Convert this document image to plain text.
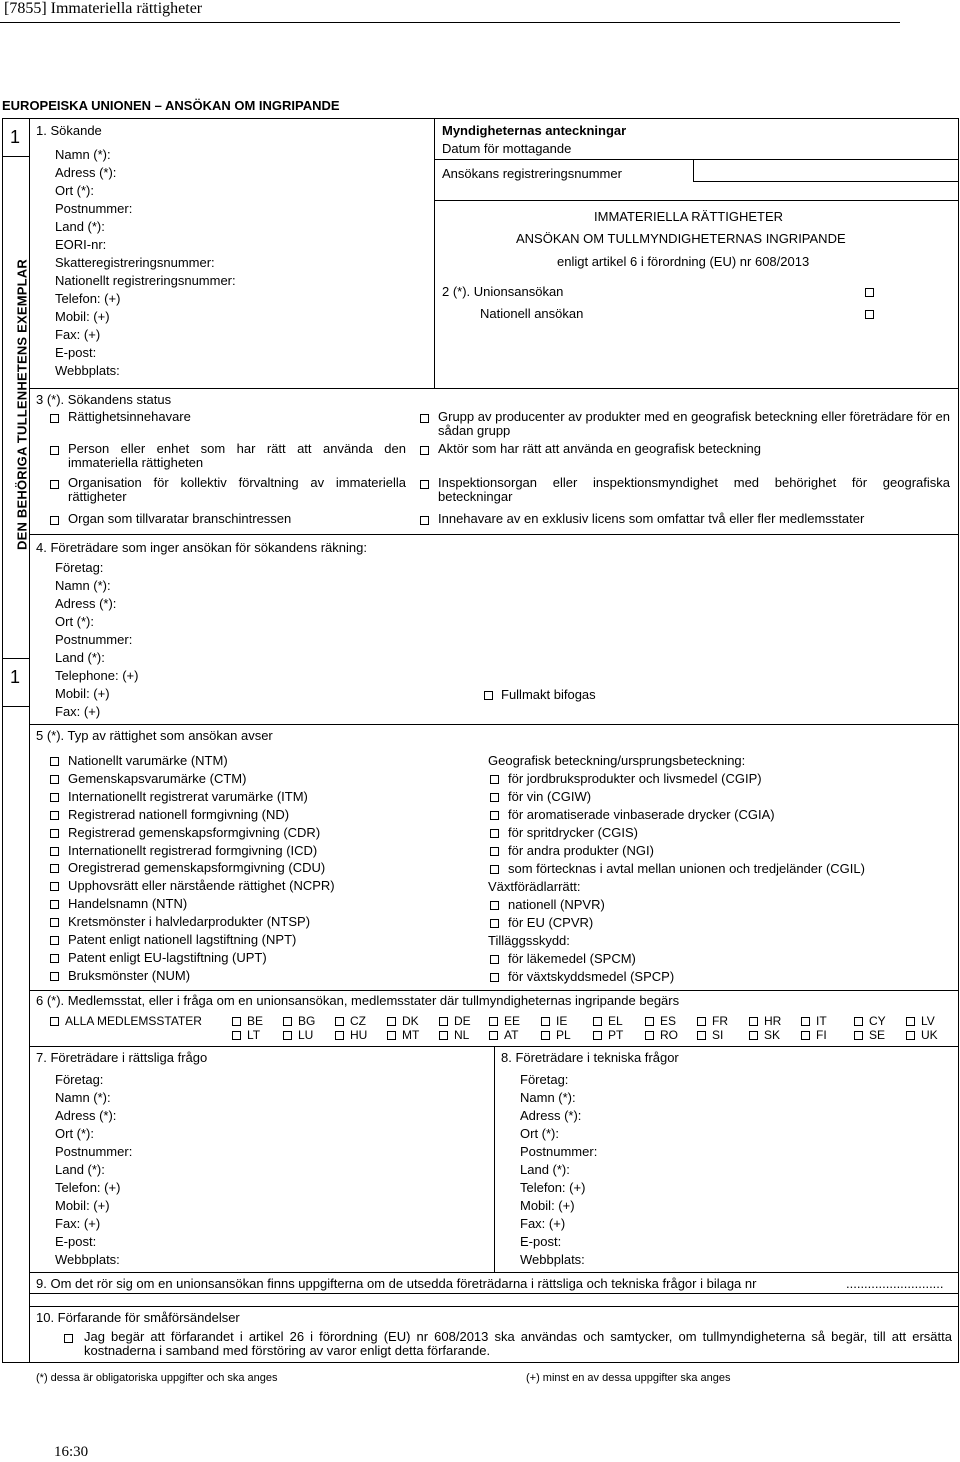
[7855] Immateriella rättigheter
EUROPEISKA UNIONEN – ANSÖKAN OM INGRIPANDE
1
1
DEN BEHÖRIGA TULLENHETENS EXEMPLAR
1. Sökande
Namn (*):
Adress (*):
Ort (*):
Postnummer:
Land (*):
EORI-nr:
Skatteregistreringsnummer:
Nationellt registreringsnummer:
Telefon: (+)
Mobil: (+)
Fax: (+)
E-post:
Webbplats:
Myndigheternas anteckningar
Datum för mottagande
Ansökans registreringsnummer
IMMATERIELLA RÄTTIGHETER
ANSÖKAN OM TULLMYNDIGHETERNAS INGRIPANDE
enligt artikel 6 i förordning (EU) nr 608/2013
2 (*). Unionsansökan
Nationell ansökan
3 (*). Sökandens status
Rättighetsinnehavare
Person eller enhet som har rätt att använda den immateriella rättigheten
Organisation för kollektiv förvaltning av immateriella rättigheter
Organ som tillvaratar branschintressen
Grupp av producenter av produkter med en geografisk beteckning eller företrädare för en sådan grupp
Aktör som har rätt att använda en geografisk beteckning
Inspektionsorgan eller inspektionsmyndighet med behörighet för geografiska beteckningar
Innehavare av en exklusiv licens som omfattar två eller fler medlemsstater
4. Företrädare som inger ansökan för sökandens räkning:
Företag:
Namn (*):
Adress (*):
Ort (*):
Postnummer:
Land (*):
Telephone: (+)
Mobil: (+)
Fax: (+)
Fullmakt bifogas
5 (*). Typ av rättighet som ansökan avser
Nationellt varumärke (NTM)
Gemenskapsvarumärke (CTM)
Internationellt registrerat varumärke (ITM)
Registrerad nationell formgivning (ND)
Registrerad gemenskapsformgivning (CDR)
Internationellt registrerad formgivning (ICD)
Oregistrerad gemenskapsformgivning (CDU)
Upphovsrätt eller närstående rättighet (NCPR)
Handelsnamn (NTN)
Kretsmönster i halvledarprodukter (NTSP)
Patent enligt nationell lagstiftning (NPT)
Patent enligt EU-lagstiftning (UPT)
Bruksmönster (NUM)
Geografisk beteckning/ursprungsbeteckning:
för jordbruksprodukter och livsmedel (CGIP)
för vin (CGIW)
för aromatiserade vinbaserade drycker (CGIA)
för spritdrycker (CGIS)
för andra produkter (NGI)
som förtecknas i avtal mellan unionen och tredjeländer (CGIL)
Växtförädlarrätt:
nationell (NPVR)
för EU (CPVR)
Tilläggsskydd:
för läkemedel (SPCM)
för växtskyddsmedel (SPCP)
6 (*). Medlemsstat, eller i fråga om en unionsansökan, medlemsstater där tullmyndigheternas ingripande begärs
ALLA MEDLEMSSTATER	BE	BG	CZ	DK	DE	EE	IE	EL	ES	FR	HR	IT	CY	LV
LT	LU	HU	MT	NL	AT	PL	PT	RO	SI	SK	FI	SE	UK
7. Företrädare i rättsliga frågo	8. Företrädare i tekniska frågor
Företag:
Namn (*):
Adress (*):
Ort (*):
Postnummer:
Land (*):
Telefon: (+)
Mobil: (+)
Fax: (+)
E-post:
Webbplats:
Företag:
Namn (*):
Adress (*):
Ort (*):
Postnummer:
Land (*):
Telefon: (+)
Mobil: (+)
Fax: (+)
E-post:
Webbplats:
9. Om det rör sig om en unionsansökan finns uppgifterna om de utsedda företrädarna i rättsliga och tekniska frågor i bilaga nr	...........................
10. Förfarande för småförsändelser
Jag begär att förfarandet i artikel 26 i förordning (EU) nr 608/2013 ska användas och samtycker, om tullmyndigheterna så begär, till att ersätta kostnaderna i samband med förstöring av varor enligt detta förfarande.
(*) dessa är obligatoriska uppgifter och ska anges	(+) minst en av dessa uppgifter ska anges
16:30
